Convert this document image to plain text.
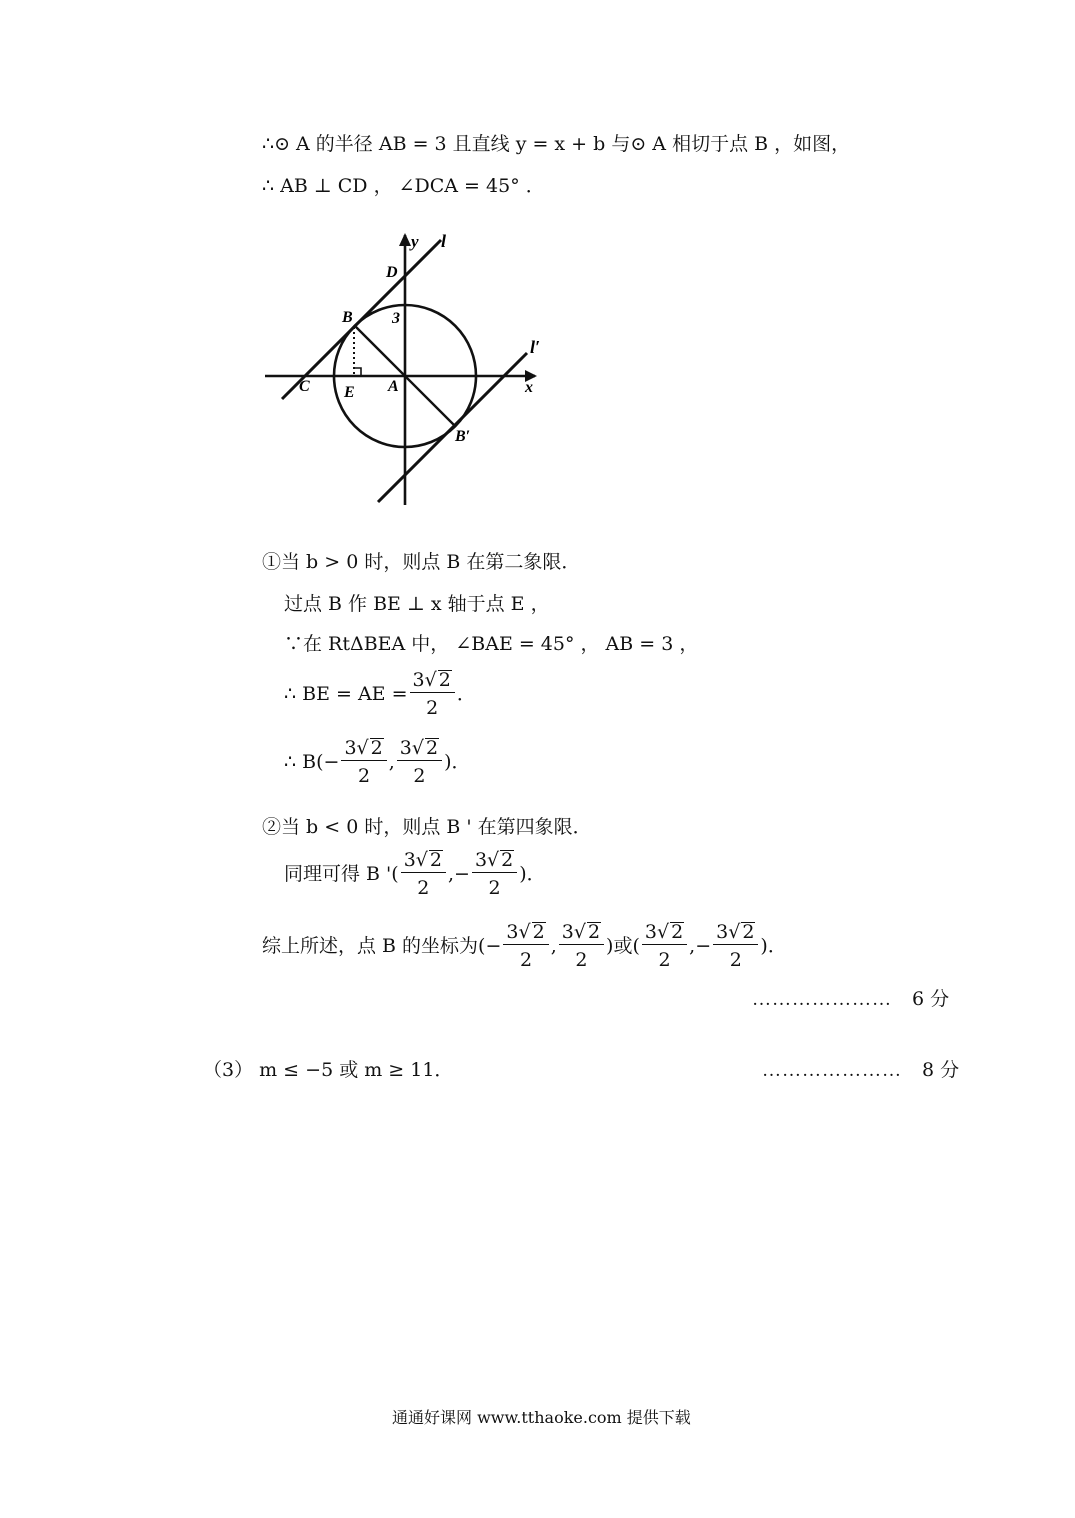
∴⊙ A 的半径 AB = 3 且直线 y = x + b 与⊙ A 相切于点 B ，如图，
∴ AB ⊥ CD ， ∠DCA = 45° ．
y l
D
B 3
l′
C E A	x
B′
①当 b > 0 时，则点 B 在第二象限．
过点 B 作 BE ⊥ x 轴于点 E ，
∵在 RtΔBEA 中， ∠BAE = 45° ， AB = 3 ，
∴ BE = AE = $\frac{3√ 2}{2}$ ．
∴ $B( - \frac{3√ 2}{2}$ , $\frac{3√ 2}{2}$ )．
②当 b < 0 时，则点 B ' 在第四象限．
同理可得 B '( $\frac{3√ 2}{2}$ , − $\frac{3√ 2}{2}$ )．
综上所述，点 B 的坐标为( − $\frac{3√ 2}{2}$ , $\frac{3√ 2}{2}$ )或( $\frac{3√ 2}{2}$ , − $\frac{3√ 2}{2}$ )．
………………… 6 分
（3） m ≤ −5 或 m ≥ 11．	………………… 8 分
通通好课网 www.tthaoke.com 提供下载
